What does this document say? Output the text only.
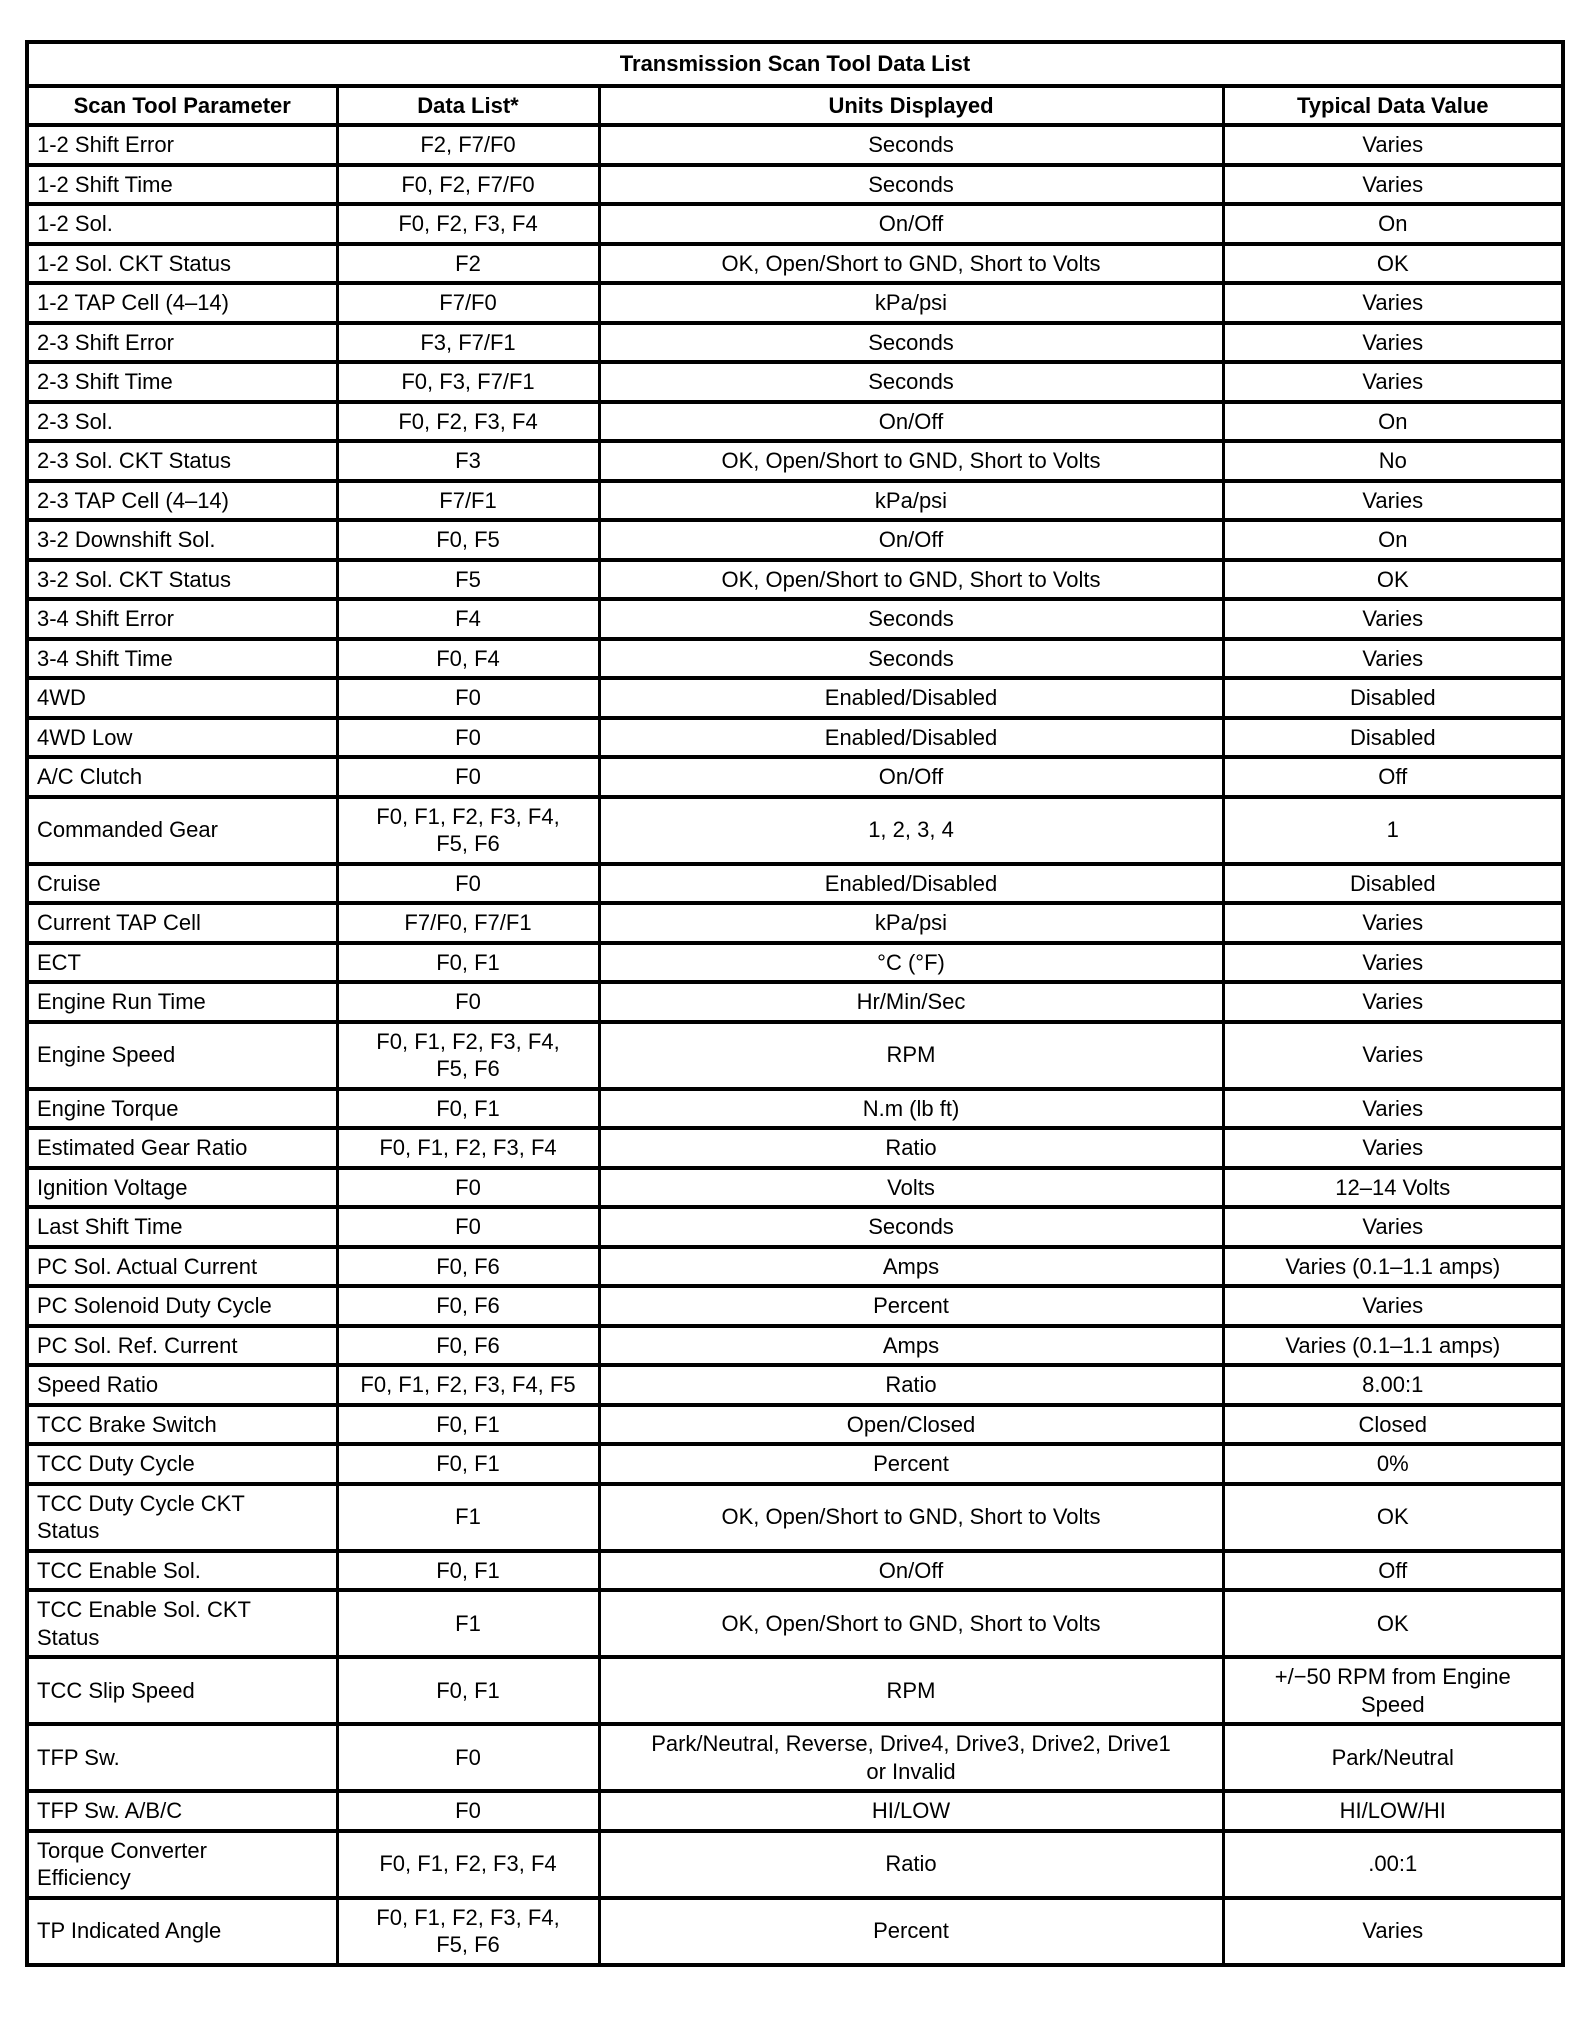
Transmission Scan Tool Data List			
Scan Tool Parameter	Data List*	Units Displayed	Typical Data Value
1-2 Shift Error	F2, F7/F0	Seconds	Varies
1-2 Shift Time	F0, F2, F7/F0	Seconds	Varies
1-2 Sol.	F0, F2, F3, F4	On/Off	On
1-2 Sol. CKT Status	F2	OK, Open/Short to GND, Short to Volts	OK
1-2 TAP Cell (4–14)	F7/F0	kPa/psi	Varies
2-3 Shift Error	F3, F7/F1	Seconds	Varies
2-3 Shift Time	F0, F3, F7/F1	Seconds	Varies
2-3 Sol.	F0, F2, F3, F4	On/Off	On
2-3 Sol. CKT Status	F3	OK, Open/Short to GND, Short to Volts	No
2-3 TAP Cell (4–14)	F7/F1	kPa/psi	Varies
3-2 Downshift Sol.	F0, F5	On/Off	On
3-2 Sol. CKT Status	F5	OK, Open/Short to GND, Short to Volts	OK
3-4 Shift Error	F4	Seconds	Varies
3-4 Shift Time	F0, F4	Seconds	Varies
4WD	F0	Enabled/Disabled	Disabled
4WD Low	F0	Enabled/Disabled	Disabled
A/C Clutch	F0	On/Off	Off
Commanded Gear	F0, F1, F2, F3, F4, F5, F6	1, 2, 3, 4	1
Cruise	F0	Enabled/Disabled	Disabled
Current TAP Cell	F7/F0, F7/F1	kPa/psi	Varies
ECT	F0, F1	°C (°F)	Varies
Engine Run Time	F0	Hr/Min/Sec	Varies
Engine Speed	F0, F1, F2, F3, F4, F5, F6	RPM	Varies
Engine Torque	F0, F1	N.m (lb ft)	Varies
Estimated Gear Ratio	F0, F1, F2, F3, F4	Ratio	Varies
Ignition Voltage	F0	Volts	12–14 Volts
Last Shift Time	F0	Seconds	Varies
PC Sol. Actual Current	F0, F6	Amps	Varies (0.1–1.1 amps)
PC Solenoid Duty Cycle	F0, F6	Percent	Varies
PC Sol. Ref. Current	F0, F6	Amps	Varies (0.1–1.1 amps)
Speed Ratio	F0, F1, F2, F3, F4, F5	Ratio	8.00:1
TCC Brake Switch	F0, F1	Open/Closed	Closed
TCC Duty Cycle	F0, F1	Percent	0%
TCC Duty Cycle CKT Status	F1	OK, Open/Short to GND, Short to Volts	OK
TCC Enable Sol.	F0, F1	On/Off	Off
TCC Enable Sol. CKT Status	F1	OK, Open/Short to GND, Short to Volts	OK
TCC Slip Speed	F0, F1	RPM	+/−50 RPM from Engine Speed
TFP Sw.	F0	Park/Neutral, Reverse, Drive4, Drive3, Drive2, Drive1 or Invalid	Park/Neutral
TFP Sw. A/B/C	F0	HI/LOW	HI/LOW/HI
Torque Converter Efficiency	F0, F1, F2, F3, F4	Ratio	.00:1
TP Indicated Angle	F0, F1, F2, F3, F4, F5, F6	Percent	Varies
